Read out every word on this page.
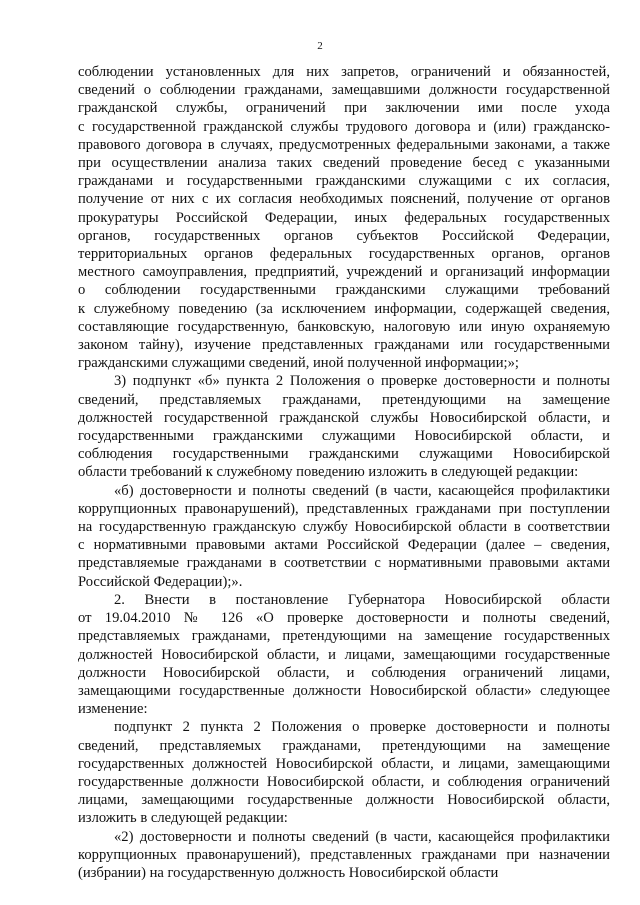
2
соблюдении установленных для них запретов, ограничений и обязанностей,
сведений о соблюдении гражданами, замещавшими должности государственной
гражданской службы, ограничений при заключении ими после ухода
с государственной гражданской службы трудового договора и (или) гражданско-
правового договора в случаях, предусмотренных федеральными законами, а также
при осуществлении анализа таких сведений проведение бесед с указанными
гражданами и государственными гражданскими служащими с их согласия,
получение от них с их согласия необходимых пояснений, получение от органов
прокуратуры Российской Федерации, иных федеральных государственных
органов, государственных органов субъектов Российской Федерации,
территориальных органов федеральных государственных органов, органов
местного самоуправления, предприятий, учреждений и организаций информации
о соблюдении государственными гражданскими служащими требований
к служебному поведению (за исключением информации, содержащей сведения,
составляющие государственную, банковскую, налоговую или иную охраняемую
законом тайну), изучение представленных гражданами или государственными
гражданскими служащими сведений, иной полученной информации;»;
3) подпункт «б» пункта 2 Положения о проверке достоверности и полноты
сведений, представляемых гражданами, претендующими на замещение
должностей государственной гражданской службы Новосибирской области, и
государственными гражданскими служащими Новосибирской области, и
соблюдения государственными гражданскими служащими Новосибирской
области требований к служебному поведению изложить в следующей редакции:
«б) достоверности и полноты сведений (в части, касающейся профилактики
коррупционных правонарушений), представленных гражданами при поступлении
на государственную гражданскую службу Новосибирской области в соответствии
с нормативными правовыми актами Российской Федерации (далее – сведения,
представляемые гражданами в соответствии с нормативными правовыми актами
Российской Федерации);».
2. Внести в постановление Губернатора Новосибирской области
от 19.04.2010 № 126 «О проверке достоверности и полноты сведений,
представляемых гражданами, претендующими на замещение государственных
должностей Новосибирской области, и лицами, замещающими государственные
должности Новосибирской области, и соблюдения ограничений лицами,
замещающими государственные должности Новосибирской области» следующее
изменение:
подпункт 2 пункта 2 Положения о проверке достоверности и полноты
сведений, представляемых гражданами, претендующими на замещение
государственных должностей Новосибирской области, и лицами, замещающими
государственные должности Новосибирской области, и соблюдения ограничений
лицами, замещающими государственные должности Новосибирской области,
изложить в следующей редакции:
«2) достоверности и полноты сведений (в части, касающейся профилактики
коррупционных правонарушений), представленных гражданами при назначении
(избрании) на государственную должность Новосибирской области
